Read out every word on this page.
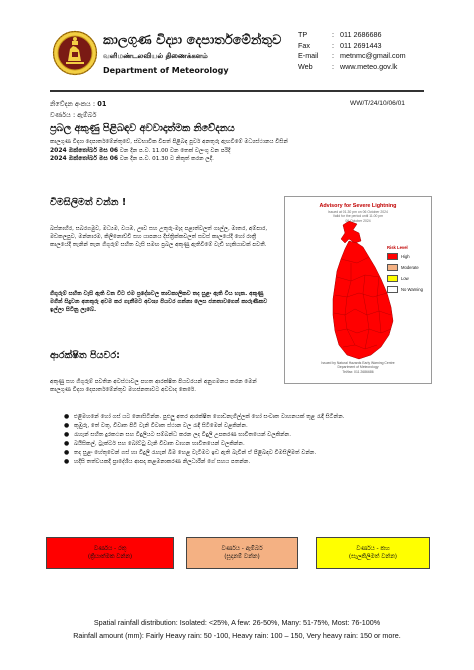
කාලගුණ විද්‍යා දෙපාර්තමේන්තුව
வளிமண்டலவியல் திணைக்களம்
Department of Meteorology
TP	: 011 2686686
Fax	: 011 2691443
E-mail	: metnmc@gmail.com
Web	: www.meteo.gov.lk
නිවේදන අංකය : 01	WW/T/24/10/06/01
වර්ණය : ඇම්බර්
ප්‍රබල අකුණු පිළිබඳව අවවාදාත්මක නිවේදනය
කාලගුණ විද්‍යා දෙපාර්තමේන්තුවේ, ස්වභාවික විපත් පිළිබඳ පූර්ව අනතුරු ඇඟවීමේ මධ්‍යස්ථානය විසින්
2024 ඔක්තෝබර් මස 06 වන දින ප.ව. 11.00 වන තෙක් වලංගු වන පරිදි
2024 ඔක්තෝබර් මස 06 වන දින ප.ව. 01.30 ට නිකුත් කරන ලදී.
විමසිලිමත් වන්න !
බස්නාහිර, සබරගමුව, මධ්‍යම, වයඹ, ඌව සහ උතුරු-මැද පළාත්වලත් ගාල්ල, මාතර, අම්පාර, මඩකලපුව, මන්නාරම, කිලිනොච්චි සහ යාපනය දිස්ත්‍රික්කවලත් සවස් කාලයේදී හෝ රාත්‍රී කාලයේදී තැනින් තැන ගිගුරුම් සහිත වැසි සමඟ ප්‍රබල අකුණු ඇතිවීමේ වැඩි හැකියාවක් පවතී.
ගිගුරුම් සහිත වැසි ඇති වන විට එම ප්‍රදේශවල තාවකාලිකව තද සුළං ඇති විය හැක. අකුණු මගින් සිදුවන අනතුරු අවම කර ගැනීමට අවශ්‍ය පියවර ගන්නා ලෙස ජනතාවගෙන් කාරුණිකව ඉල්ලා සිටිනු ලැබේ.
ආරක්ෂිත පියවර:
අකුණු සහ ගිගුරුම් පවතින අවස්ථාවල පහත ආරක්ෂිත පියවරයන් අනුගමනය කරන මෙන් කාලගුණ විද්‍යා දෙපාර්තමේන්තුව මහජනතාවට අවවාද කෙරේ.
● එළිමහනේ හෝ ගස් යට නොසිටින්න. පුළුලු අතර ආරක්ෂිත ගොඩනැගිල්ලක් හෝ සංවෘත වාහනයක් තුළ රැඳී සිටින්න.
● කුඹුරු, තේ වතු, විවෘත පිටි වැනි විවෘත ස්ථාන වල රැඳී සිටීමෙන් වළකින්න.
● රැහැන් සහිත දුරකථන සහ විදුලියට සම්බන්ධ කරන ලද විදුලි උපකරණ භාවිතයෙන් වලකින්න.
● බයිසිකල්, ට්‍රැක්ටර් සහ බෝට්ටු වැනි විවෘත වාහන භාවිතයෙන් වලකින්න.
● තද සුළං හේතුවෙන් ගස් හා විදුලි රැහැන් බිම හෙළ වැටීමට ඉඩ ඇති බැවින් ඒ පිළිබඳව විමසිලිමත් වන්න.
● හදිසි තත්වයකදී ප්‍රාදේශීය ආපදා කළමනාකරණ නිලධාරීන් ගේ සහය පතන්න.
Advisory for Severe Lightning
Issued at 01.30 pm on 06 October 2024
Valid for the period until 11.00 pm
06 October 2024
Risk Level
High
Moderate
Low
No Warning
Issued by Natural Hazards Early Warning Centre
Department of Meteorology
Tel/fax: 011 2686686
වර්ණය - රතු
(ක්‍රියාත්මක වන්න)
වර්ණය - ඇම්බර්
(සූදානම් වන්න)
වර්ණය - කහ
(සැලකිලිමත් වන්න)
Spatial rainfall distribution: Isolated: <25%, A few: 26-50%, Many: 51-75%, Most: 76-100%
Rainfall amount (mm): Fairly Heavy rain: 50 -100, Heavy rain: 100 – 150, Very heavy rain: 150 or more.
